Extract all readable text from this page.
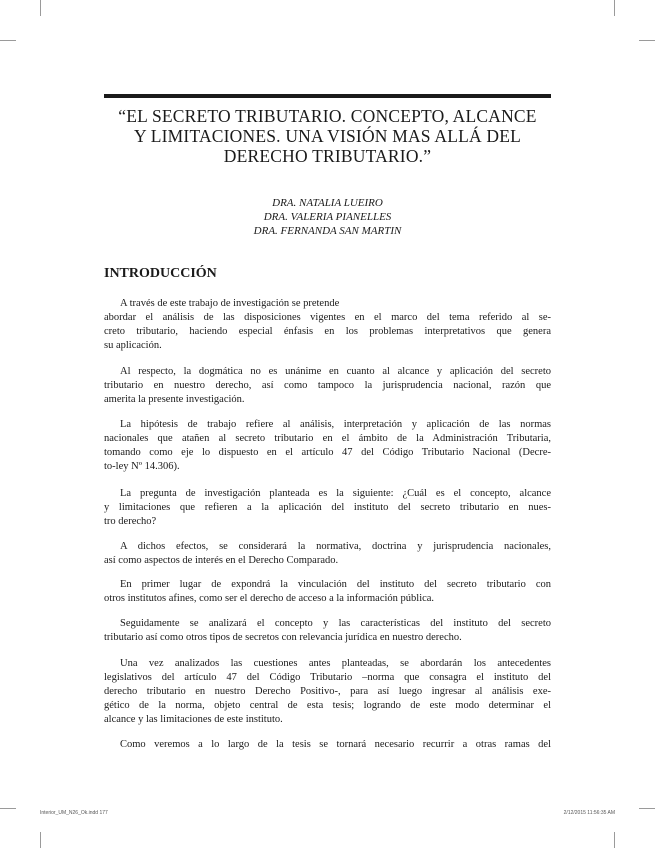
“EL SECRETO TRIBUTARIO. CONCEPTO, ALCANCE
Y LIMITACIONES. UNA VISIÓN MAS ALLÁ DEL
DERECHO TRIBUTARIO.”
DRA. NATALIA LUEIRO
DRA. VALERIA PIANELLES
DRA. FERNANDA SAN MARTIN
INTRODUCCIÓN
A través de este trabajo de investigación se pretende
abordar el análisis de las disposiciones vigentes en el marco del tema referido al se-
creto tributario, haciendo especial énfasis en los problemas interpretativos que genera
su aplicación.
Al respecto, la dogmática no es unánime en cuanto al alcance y aplicación del secreto
tributario en nuestro derecho, así como tampoco la jurisprudencia nacional, razón que
amerita la presente investigación.
La hipótesis de trabajo refiere al análisis, interpretación y aplicación de las normas
nacionales que atañen al secreto tributario en el ámbito de la Administración Tributaria,
tomando como eje lo dispuesto en el artículo 47 del Código Tributario Nacional (Decre-
to-ley Nº 14.306).
La pregunta de investigación planteada es la siguiente: ¿Cuál es el concepto, alcance
y limitaciones que refieren a la aplicación del instituto del secreto tributario en nues-
tro derecho?
A dichos efectos, se considerará la normativa, doctrina y jurisprudencia nacionales,
así como aspectos de interés en el Derecho Comparado.
En primer lugar de expondrá la vinculación del instituto del secreto tributario con
otros institutos afines, como ser el derecho de acceso a la información pública.
Seguidamente se analizará el concepto y las características del instituto del secreto
tributario así como otros tipos de secretos con relevancia jurídica en nuestro derecho.
Una vez analizados las cuestiones antes planteadas, se abordarán los antecedentes
legislativos del artículo 47 del Código Tributario –norma que consagra el instituto del
derecho tributario en nuestro Derecho Positivo-, para así luego ingresar al análisis exe-
gético de la norma, objeto central de esta tesis; logrando de este modo determinar el
alcance y las limitaciones de este instituto.
Como veremos a lo largo de la tesis se tornará necesario recurrir a otras ramas del
Interior_UM_N26_Ok.indd 177	2/12/2015 11:56:35 AM
